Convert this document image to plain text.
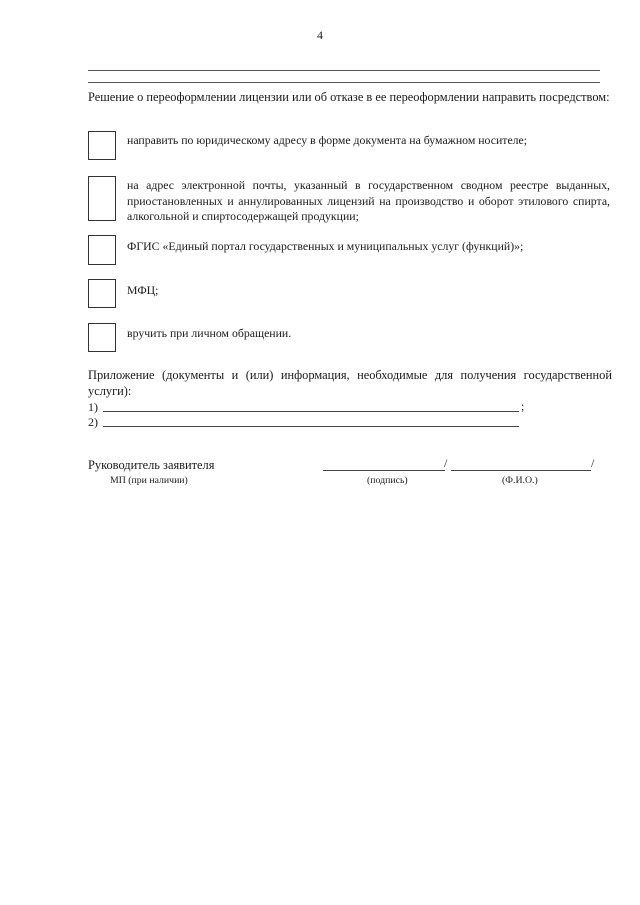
4

Решение о переоформлении лицензии или об отказе в ее переоформлении направить посредством:

направить по юридическому адресу в форме документа на бумажном носителе;

на адрес электронной почты, указанный в государственном сводном реестре выданных, приостановленных и аннулированных лицензий на производство и оборот этилового спирта, алкогольной и спиртосодержащей продукции;

ФГИС «Единый портал государственных и муниципальных услуг (функций)»;

МФЦ;

вручить при личном обращении.

Приложение (документы и (или) информация, необходимые для получения государственной услуги):

1)	;
2)
Руководитель заявителя
МП (при наличии)
/	/
(подпись)	(Ф.И.О.)
